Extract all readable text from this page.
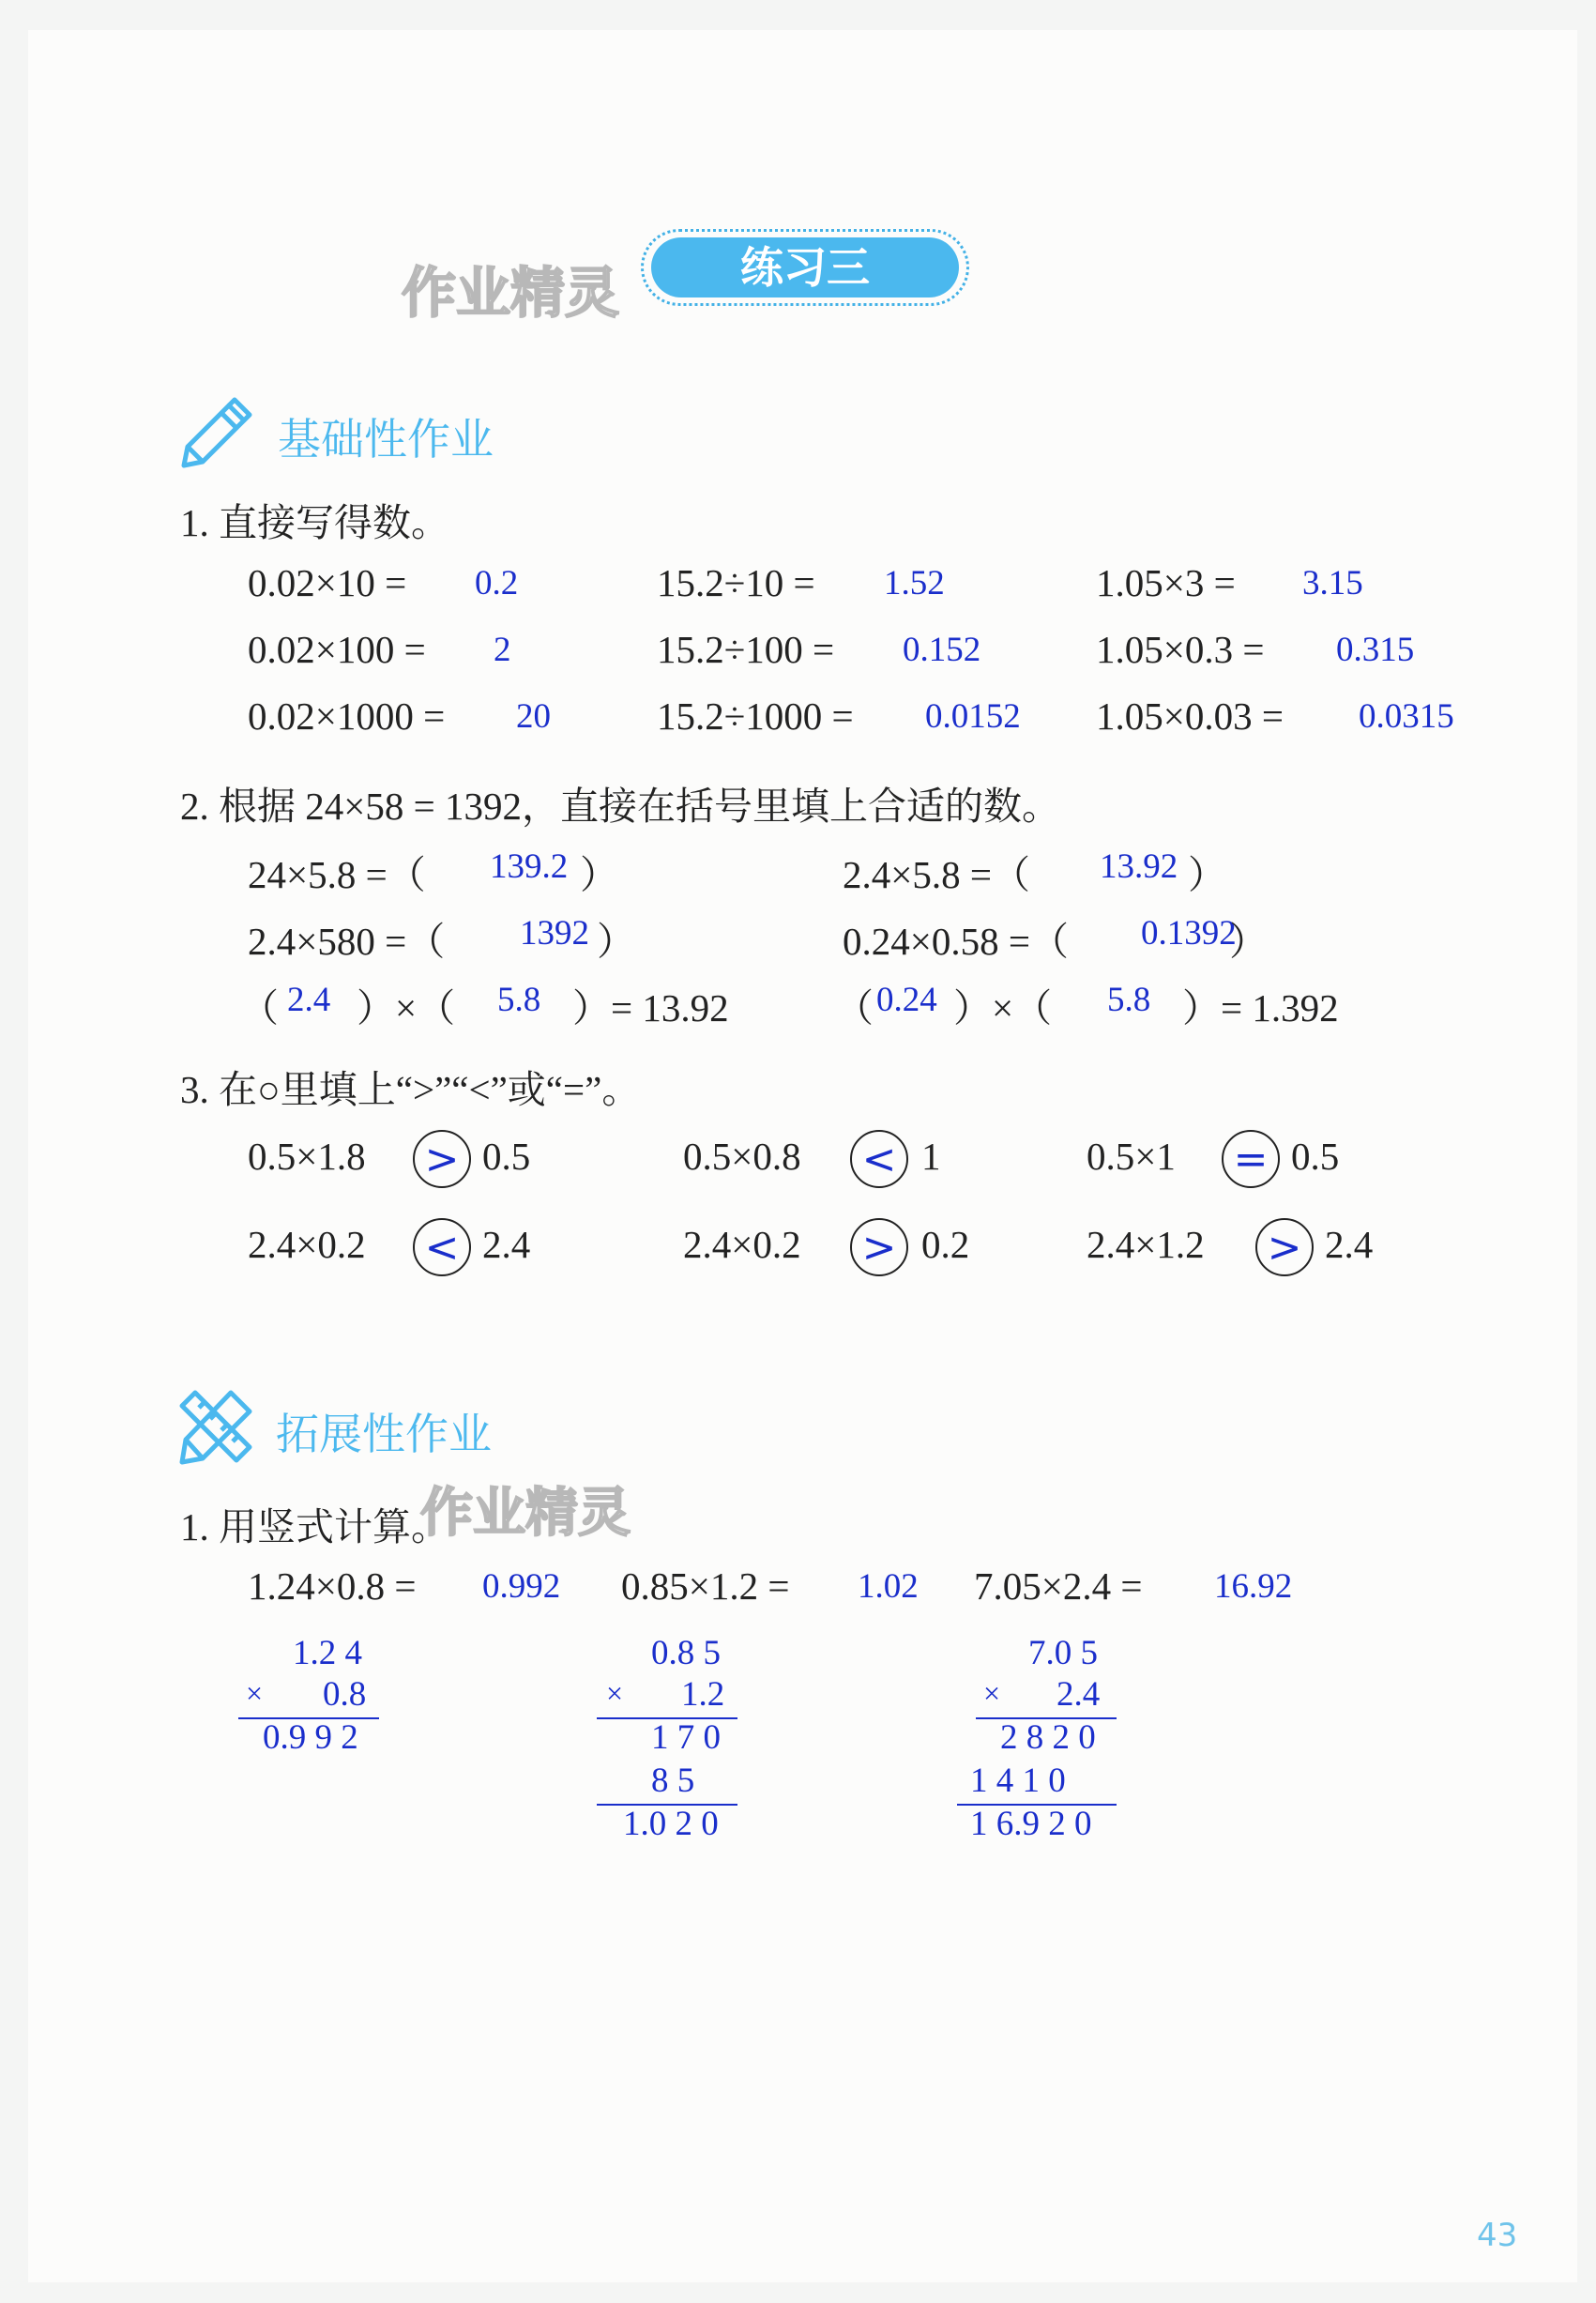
作业精灵	练习三
基础性作业
1. 直接写得数。
0.02×10 = 0.2	15.2÷10 = 1.52	1.05×3 = 3.15
0.02×100 = 2	15.2÷100 = 0.152	1.05×0.3 = 0.315
0.02×1000 = 20	15.2÷1000 = 0.0152 1.05×0.03 = 0.0315
2. 根据 24×58 = 1392，直接在括号里填上合适的数。
24×5.8 =（ 139.2 ）	2.4×5.8 =（ 13.92 ）
2.4×580 =（ 1392 ）	0.24×0.58 =（ 0.1392
）
（ 2.4 ）×（ 5.8 ）= 13.92	（ 0.24 ）×（ 5.8 ）= 1.392
3. 在○里填上“>”“<”或“=”。
0.5×1.8 > 0.5	0.5×0.8 < 1	0.5×1 = 0.5
2.4×0.2 < 2.4	2.4×0.2 > 0.2	2.4×1.2 > 2.4
拓展性作业
作业精灵
1. 用竖式计算。
1.24×0.8 = 0.992 0.85×1.2 = 1.02 7.05×2.4 = 16.92
1.2 4
× 0.8
0.9 9 2
0.8 5
× 1.2
1 7 0
8 5
1.0 2 0
7.0 5
× 2.4
2 8 2 0
1 4 1 0
1 6.9 2 0
43
